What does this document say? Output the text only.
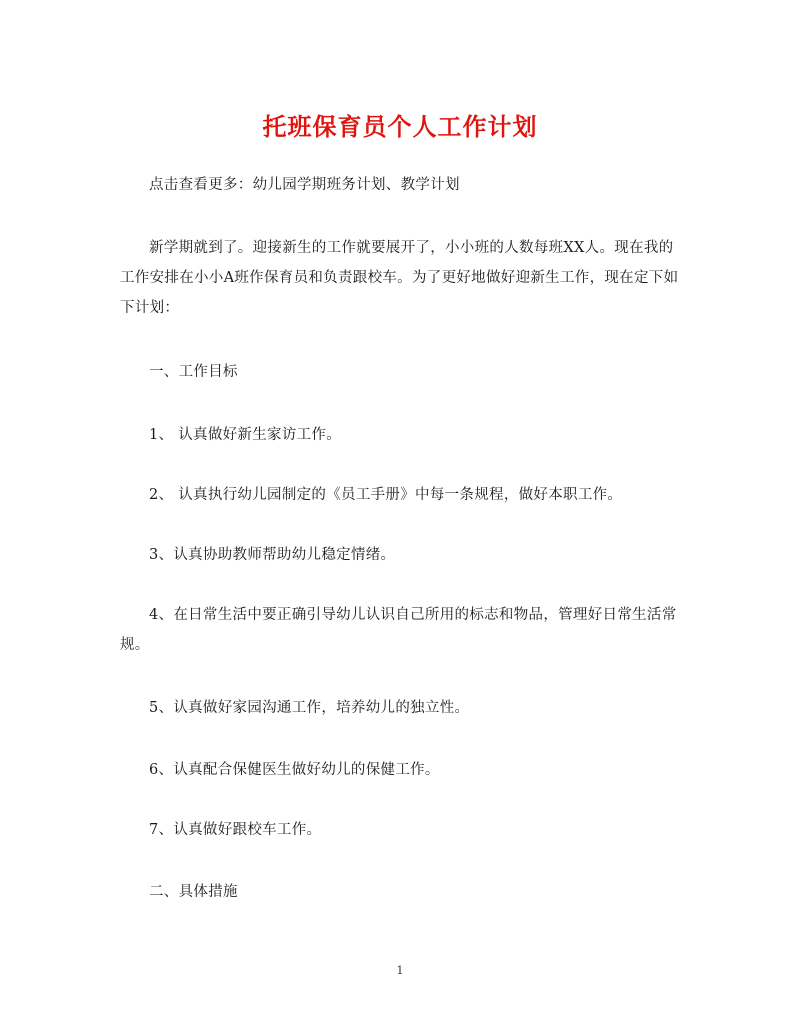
托班保育员个人工作计划

点击查看更多：幼儿园学期班务计划、教学计划

新学期就到了。迎接新生的工作就要展开了，小小班的人数每班XX人。现在我的工作安排在小小A班作保育员和负责跟校车。为了更好地做好迎新生工作，现在定下如下计划：

一、工作目标

1、 认真做好新生家访工作。

2、 认真执行幼儿园制定的《员工手册》中每一条规程，做好本职工作。

3、认真协助教师帮助幼儿稳定情绪。

4、在日常生活中要正确引导幼儿认识自己所用的标志和物品，管理好日常生活常规。

5、认真做好家园沟通工作，培养幼儿的独立性。

6、认真配合保健医生做好幼儿的保健工作。

7、认真做好跟校车工作。

二、具体措施

1
